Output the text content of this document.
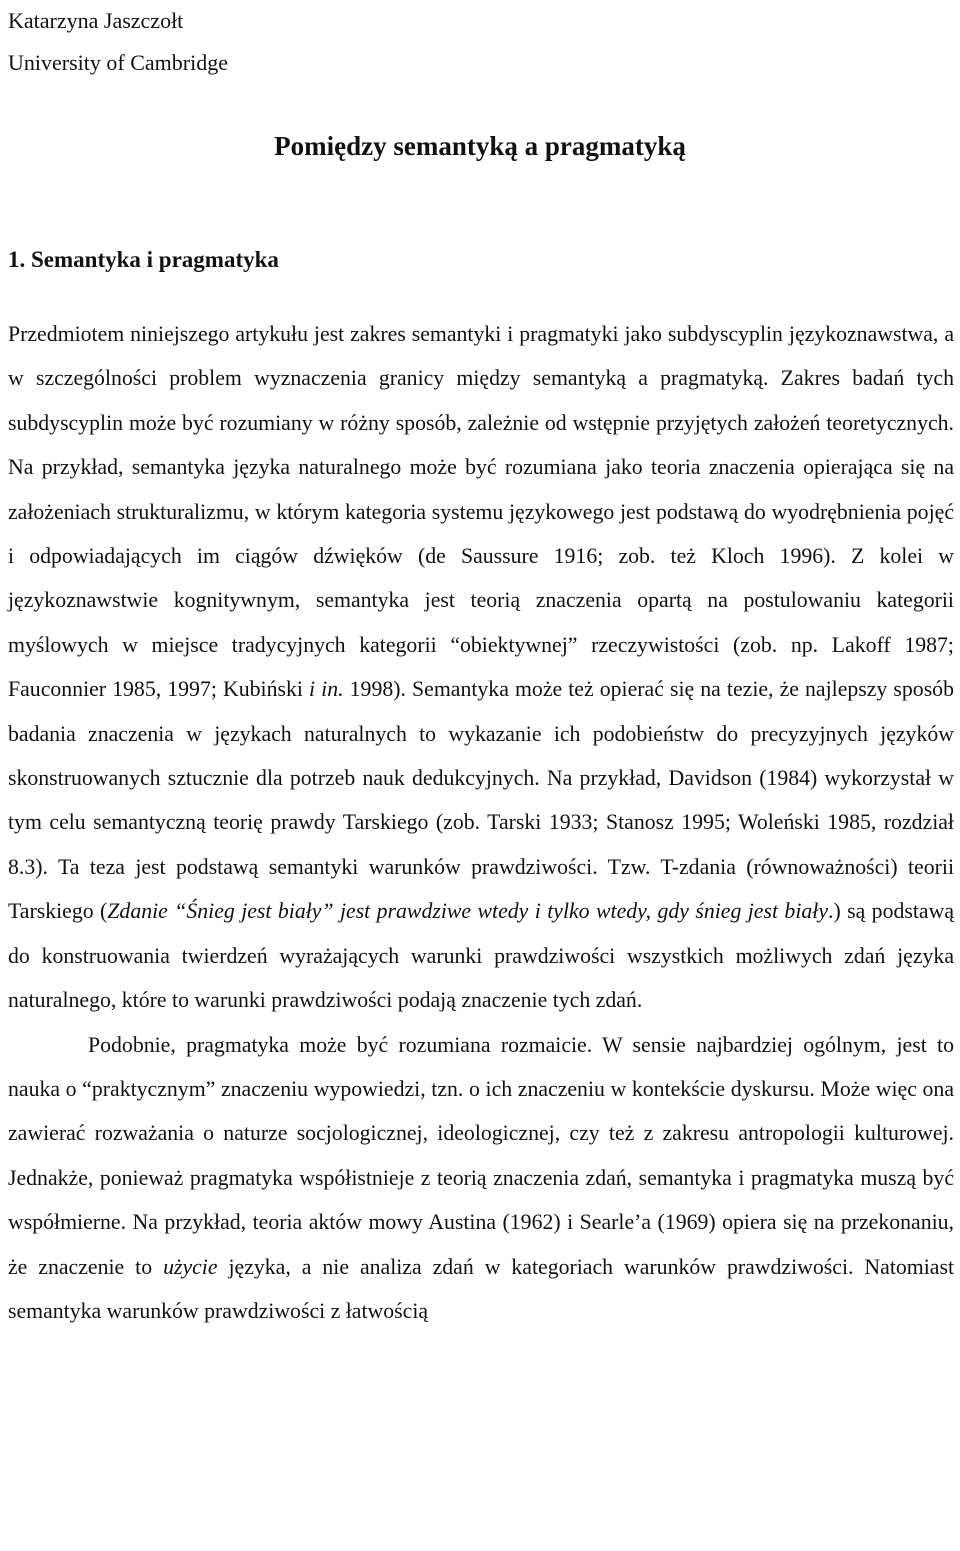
Katarzyna Jaszczołt
University of Cambridge
Pomiędzy semantyką a pragmatyką
1. Semantyka i pragmatyka

Przedmiotem niniejszego artykułu jest zakres semantyki i pragmatyki jako subdyscyplin językoznawstwa, a w szczególności problem wyznaczenia granicy między semantyką a pragmatyką. Zakres badań tych subdyscyplin może być rozumiany w różny sposób, zależnie od wstępnie przyjętych założeń teoretycznych. Na przykład, semantyka języka naturalnego może być rozumiana jako teoria znaczenia opierająca się na założeniach strukturalizmu, w którym kategoria systemu językowego jest podstawą do wyodrębnienia pojęć i odpowiadających im ciągów dźwięków (de Saussure 1916; zob. też Kloch 1996). Z kolei w językoznawstwie kognitywnym, semantyka jest teorią znaczenia opartą na postulowaniu kategorii myślowych w miejsce tradycyjnych kategorii “obiektywnej” rzeczywistości (zob. np. Lakoff 1987; Fauconnier 1985, 1997; Kubiński i in. 1998). Semantyka może też opierać się na tezie, że najlepszy sposób badania znaczenia w językach naturalnych to wykazanie ich podobieństw do precyzyjnych języków skonstruowanych sztucznie dla potrzeb nauk dedukcyjnych. Na przykład, Davidson (1984) wykorzystał w tym celu semantyczną teorię prawdy Tarskiego (zob. Tarski 1933; Stanosz 1995; Woleński 1985, rozdział 8.3). Ta teza jest podstawą semantyki warunków prawdziwości. Tzw. T-zdania (równoważności) teorii Tarskiego (Zdanie “Śnieg jest biały” jest prawdziwe wtedy i tylko wtedy, gdy śnieg jest biały.) są podstawą do konstruowania twierdzeń wyrażających warunki prawdziwości wszystkich możliwych zdań języka naturalnego, które to warunki prawdziwości podają znaczenie tych zdań.

Podobnie, pragmatyka może być rozumiana rozmaicie. W sensie najbardziej ogólnym, jest to nauka o “praktycznym” znaczeniu wypowiedzi, tzn. o ich znaczeniu w kontekście dyskursu. Może więc ona zawierać rozważania o naturze socjologicznej, ideologicznej, czy też z zakresu antropologii kulturowej. Jednakże, ponieważ pragmatyka współistnieje z teorią znaczenia zdań, semantyka i pragmatyka muszą być współmierne. Na przykład, teoria aktów mowy Austina (1962) i Searle’a (1969) opiera się na przekonaniu, że znaczenie to użycie języka, a nie analiza zdań w kategoriach warunków prawdziwości. Natomiast semantyka warunków prawdziwości z łatwością
